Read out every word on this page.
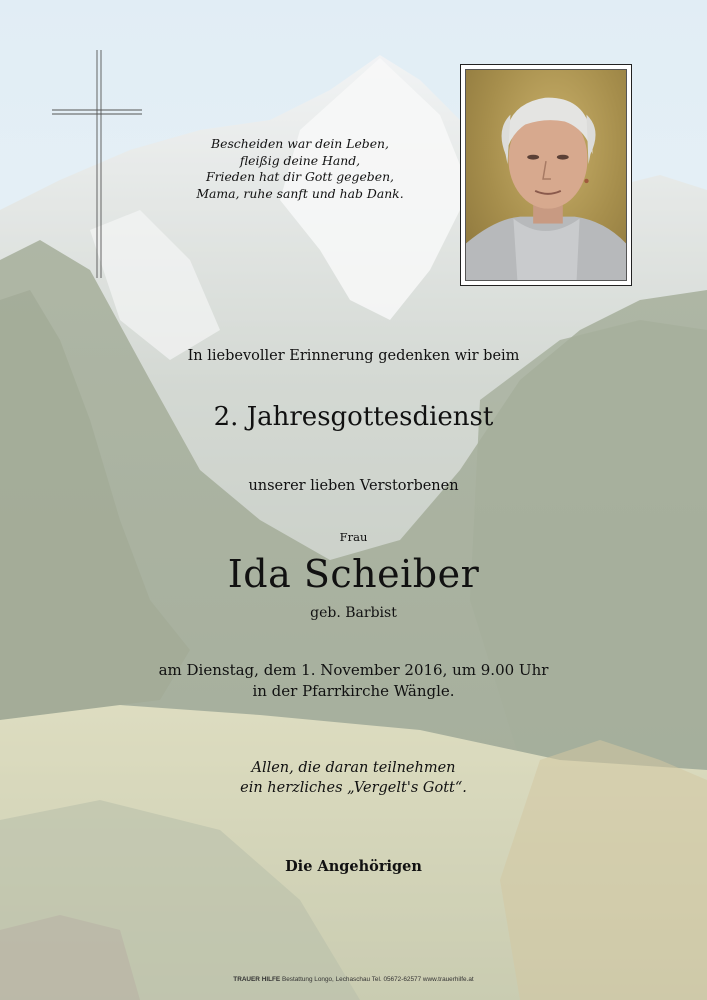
Bescheiden war dein Leben,
fleißig deine Hand,
Frieden hat dir Gott gegeben,
Mama, ruhe sanft und hab Dank.
In liebevoller Erinnerung gedenken wir beim
2. Jahresgottesdienst
unserer lieben Verstorbenen
Frau
Ida Scheiber
geb. Barbist
am Dienstag, dem 1. November 2016, um 9.00 Uhr
in der Pfarrkirche Wängle.
Allen, die daran teilnehmen
ein herzliches „Vergelt's Gott“.
Die Angehörigen
TRAUER HILFE Bestattung Longo, Lechaschau Tel. 05672-62577 www.trauerhilfe.at
